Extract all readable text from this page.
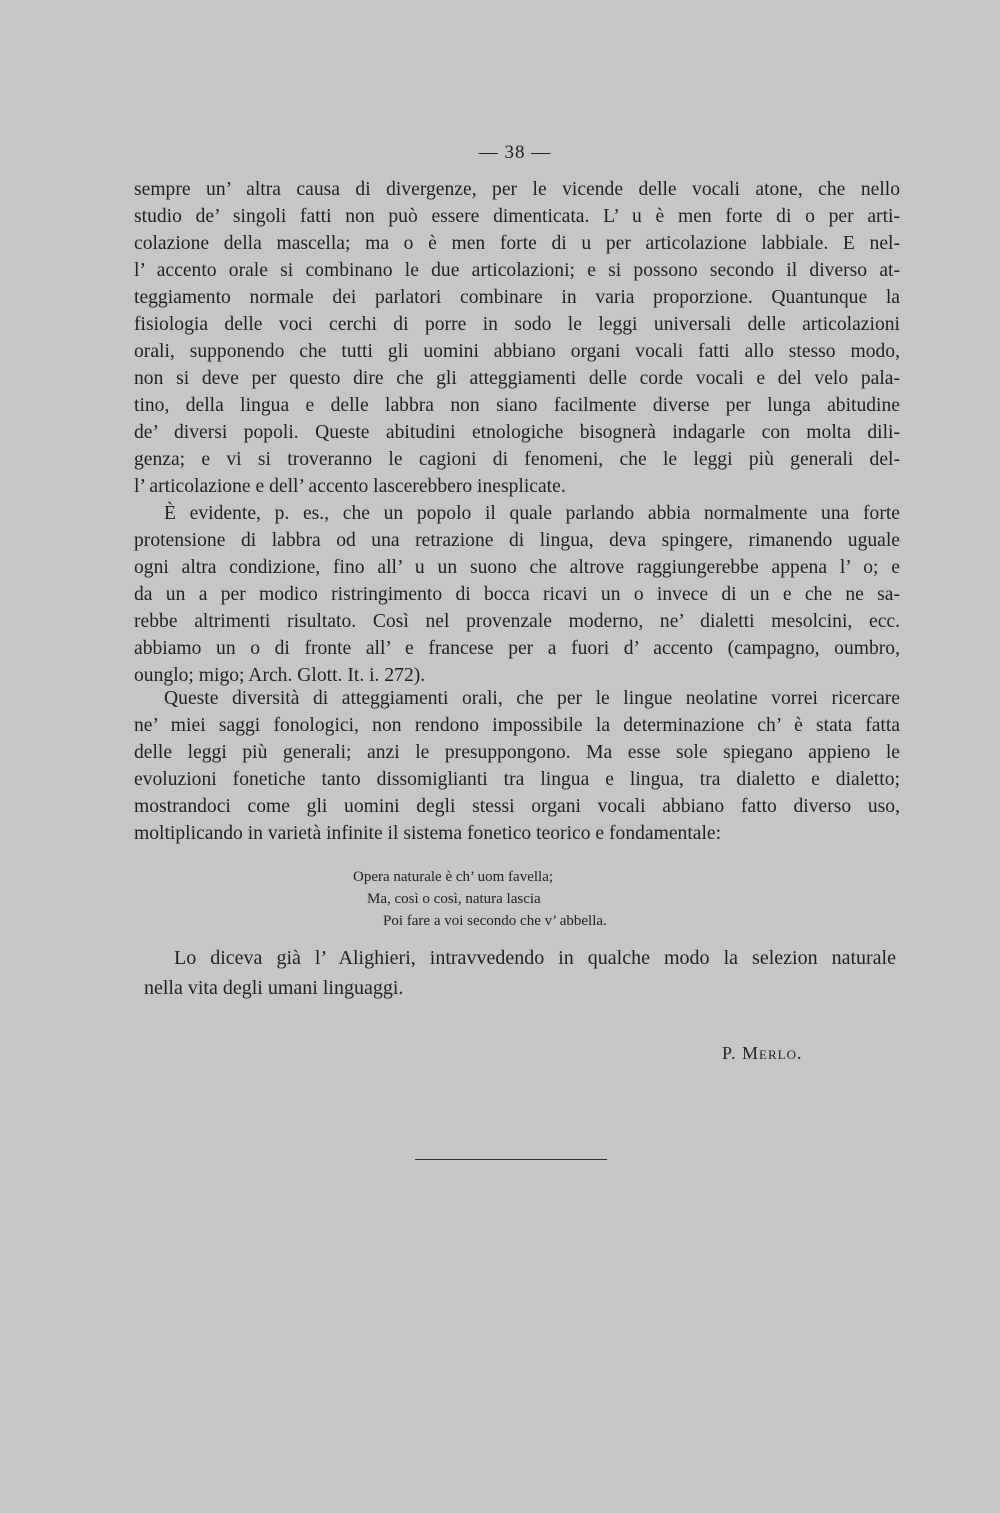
— 38 —
sempre un’ altra causa di divergenze, per le vicende delle vocali atone, che nello
studio de’ singoli fatti non può essere dimenticata. L’ u è men forte di o per arti-
colazione della mascella; ma o è men forte di u per articolazione labbiale. E nel-
l’ accento orale si combinano le due articolazioni; e si possono secondo il diverso at-
teggiamento normale dei parlatori combinare in varia proporzione. Quantunque la
fisiologia delle voci cerchi di porre in sodo le leggi universali delle articolazioni
orali, supponendo che tutti gli uomini abbiano organi vocali fatti allo stesso modo,
non si deve per questo dire che gli atteggiamenti delle corde vocali e del velo pala-
tino, della lingua e delle labbra non siano facilmente diverse per lunga abitudine
de’ diversi popoli. Queste abitudini etnologiche bisognerà indagarle con molta dili-
genza; e vi si troveranno le cagioni di fenomeni, che le leggi più generali del-
l’ articolazione e dell’ accento lascerebbero inesplicate.
È evidente, p. es., che un popolo il quale parlando abbia normalmente una forte
protensione di labbra od una retrazione di lingua, deva spingere, rimanendo uguale
ogni altra condizione, fino all’ u un suono che altrove raggiungerebbe appena l’ o; e
da un a per modico ristringimento di bocca ricavi un o invece di un e che ne sa-
rebbe altrimenti risultato. Così nel provenzale moderno, ne’ dialetti mesolcini, ecc.
abbiamo un o di fronte all’ e francese per a fuori d’ accento (campagno, oumbro,
ounglo; migo; Arch. Glott. It. i. 272).
Queste diversità di atteggiamenti orali, che per le lingue neolatine vorrei ricercare
ne’ miei saggi fonologici, non rendono impossibile la determinazione ch’ è stata fatta
delle leggi più generali; anzi le presuppongono. Ma esse sole spiegano appieno le
evoluzioni fonetiche tanto dissomiglianti tra lingua e lingua, tra dialetto e dialetto;
mostrandoci come gli uomini degli stessi organi vocali abbiano fatto diverso uso,
moltiplicando in varietà infinite il sistema fonetico teorico e fondamentale:
Opera naturale è ch’ uom favella;
Ma, così o così, natura lascia
Poi fare a voi secondo che v’ abbella.
Lo diceva già l’ Alighieri, intravvedendo in qualche modo la selezion naturale
nella vita degli umani linguaggi.
P. Merlo.
